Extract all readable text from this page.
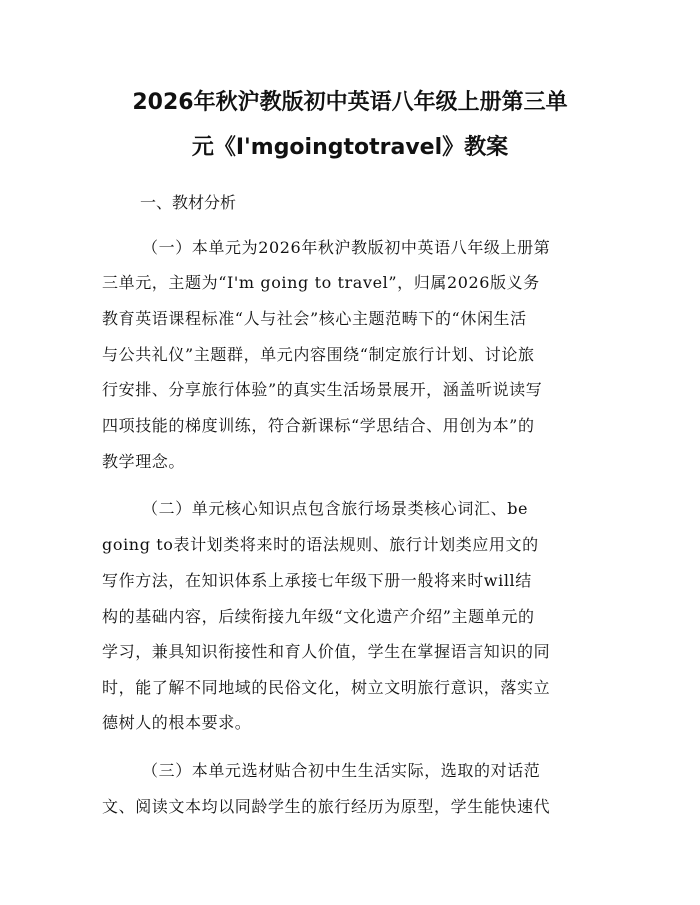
2026年秋沪教版初中英语八年级上册第三单
元《I'mgoingtotravel》教案
一、教材分析
（一）本单元为2026年秋沪教版初中英语八年级上册第
三单元，主题为“I'm going to travel”，归属2026版义务
教育英语课程标准“人与社会”核心主题范畴下的“休闲生活
与公共礼仪”主题群，单元内容围绕“制定旅行计划、讨论旅
行安排、分享旅行体验”的真实生活场景展开，涵盖听说读写
四项技能的梯度训练，符合新课标“学思结合、用创为本”的
教学理念。
（二）单元核心知识点包含旅行场景类核心词汇、be
going to表计划类将来时的语法规则、旅行计划类应用文的
写作方法，在知识体系上承接七年级下册一般将来时will结
构的基础内容，后续衔接九年级“文化遗产介绍”主题单元的
学习，兼具知识衔接性和育人价值，学生在掌握语言知识的同
时，能了解不同地域的民俗文化，树立文明旅行意识，落实立
德树人的根本要求。
（三）本单元选材贴合初中生生活实际，选取的对话范
文、阅读文本均以同龄学生的旅行经历为原型，学生能快速代
